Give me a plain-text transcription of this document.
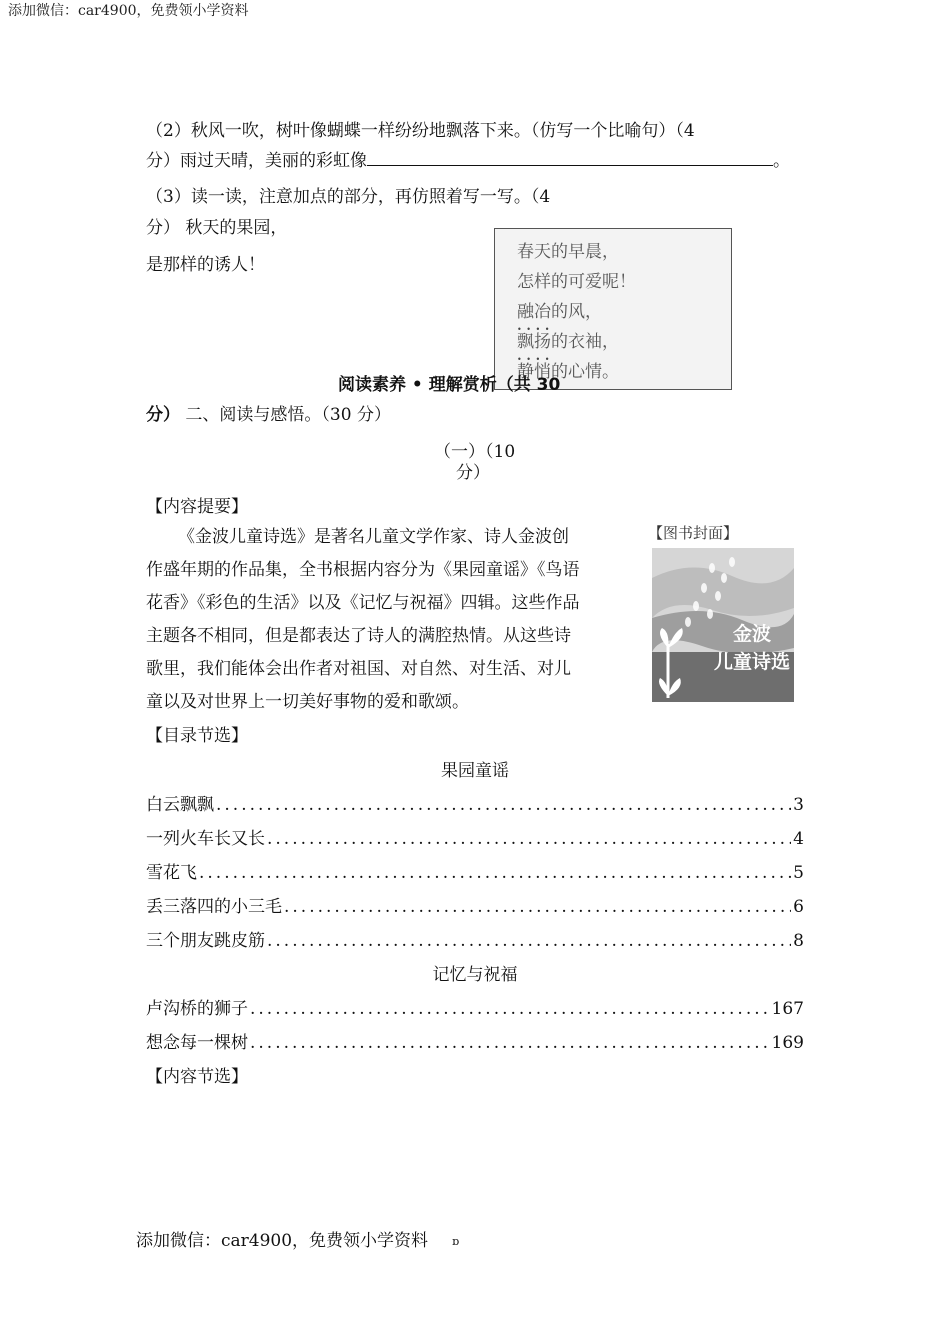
添加微信：car4900，免费领小学资料
（2）秋风一吹，树叶像蝴蝶一样纷纷地飘落下来。（仿写一个比喻句）（4
分）雨过天晴，美丽的彩虹像	。
（3）读一读，注意加点的部分，再仿照着写一写。（4
分） 秋天的果园，
是那样的诱人！
春天的早晨，
怎样的可爱呢！
融冶的风，
• • 飘扬的衣袖，
• • 静悄的心情。
阅读素养 • 理解赏析（共 30
分） 二、阅读与感悟。（30 分）
（一）（10
分）
【内容提要】
《金波儿童诗选》是著名儿童文学作家、诗人金波创
作盛年期的作品集，全书根据内容分为《果园童谣》《鸟语
花香》《彩色的生活》以及《记忆与祝福》四辑。这些作品
主题各不相同，但是都表达了诗人的满腔热情。从这些诗
歌里，我们能体会出作者对祖国、对自然、对生活、对儿
童以及对世界上一切美好事物的爱和歌颂。
【图书封面】
金波
儿童诗选
【目录节选】
果园童谣
白云飘飘 .....	3
一列火车长又长 .....	4
雪花飞 .....	5
丢三落四的小三毛 .....	6
三个朋友跳皮筋 .....	8
记忆与祝福
卢沟桥的狮子 .....	167
想念每一棵树 .....	169
【内容节选】
添加微信：car4900，免费领小学资料 ɒ
